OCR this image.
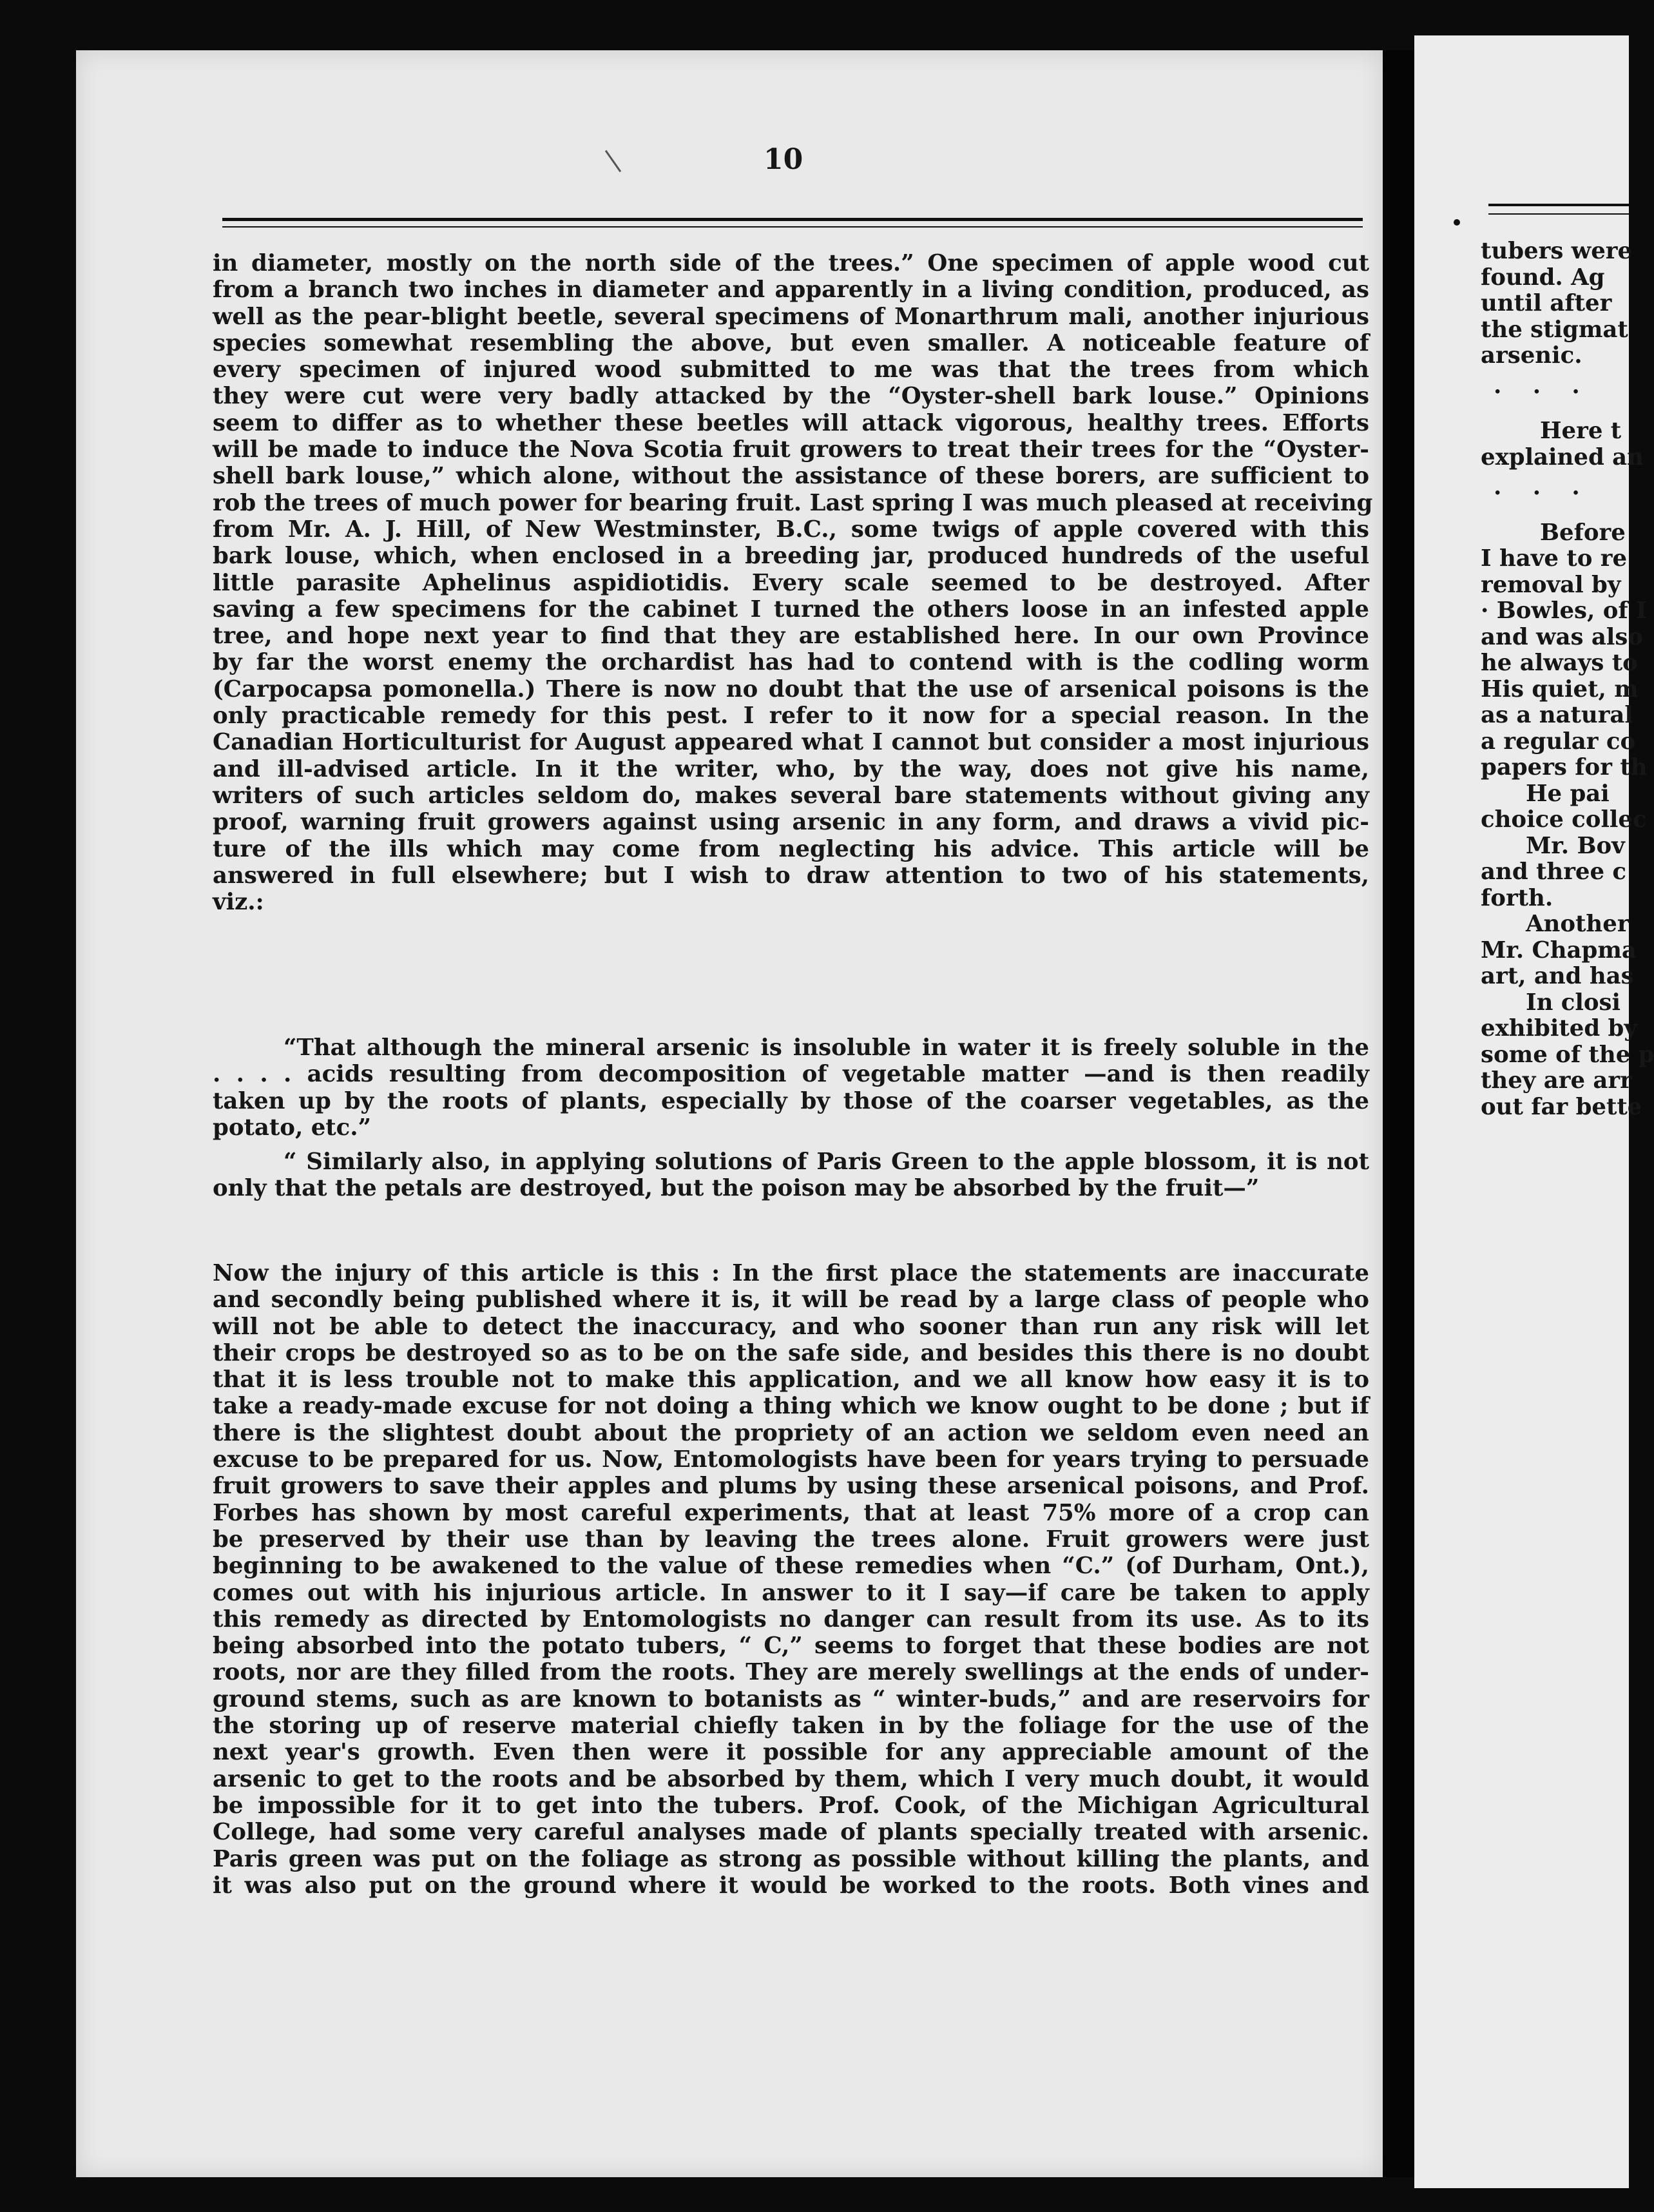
10
in diameter, mostly on the north side of the trees.” One specimen of apple wood cut
from a branch two inches in diameter and apparently in a living condition, produced, as
well as the pear-blight beetle, several specimens of Monarthrum mali, another injurious
species somewhat resembling the above, but even smaller. A noticeable feature of
every specimen of injured wood submitted to me was that the trees from which
they were cut were very badly attacked by the “Oyster-shell bark louse.” Opinions
seem to differ as to whether these beetles will attack vigorous, healthy trees. Efforts
will be made to induce the Nova Scotia fruit growers to treat their trees for the “Oyster-
shell bark louse,” which alone, without the assistance of these borers, are sufficient to
rob the trees of much power for bearing fruit. Last spring I was much pleased at receiving
from Mr. A. J. Hill, of New Westminster, B.C., some twigs of apple covered with this
bark louse, which, when enclosed in a breeding jar, produced hundreds of the useful
little parasite Aphelinus aspidiotidis. Every scale seemed to be destroyed. After
saving a few specimens for the cabinet I turned the others loose in an infested apple
tree, and hope next year to find that they are established here. In our own Province
by far the worst enemy the orchardist has had to contend with is the codling worm
(Carpocapsa pomonella.) There is now no doubt that the use of arsenical poisons is the
only practicable remedy for this pest. I refer to it now for a special reason. In the
Canadian Horticulturist for August appeared what I cannot but consider a most injurious
and ill-advised article. In it the writer, who, by the way, does not give his name,
writers of such articles seldom do, makes several bare statements without giving any
proof, warning fruit growers against using arsenic in any form, and draws a vivid pic-
ture of the ills which may come from neglecting his advice. This article will be
answered in full elsewhere; but I wish to draw attention to two of his statements,
viz.:
“That although the mineral arsenic is insoluble in water it is freely soluble in the
. . . . acids resulting from decomposition of vegetable matter —and is then readily
taken up by the roots of plants, especially by those of the coarser vegetables, as the
potato, etc.”
“ Similarly also, in applying solutions of Paris Green to the apple blossom, it is not
only that the petals are destroyed, but the poison may be absorbed by the fruit—”
Now the injury of this article is this : In the first place the statements are inaccurate
and secondly being published where it is, it will be read by a large class of people who
will not be able to detect the inaccuracy, and who sooner than run any risk will let
their crops be destroyed so as to be on the safe side, and besides this there is no doubt
that it is less trouble not to make this application, and we all know how easy it is to
take a ready-made excuse for not doing a thing which we know ought to be done ; but if
there is the slightest doubt about the propriety of an action we seldom even need an
excuse to be prepared for us. Now, Entomologists have been for years trying to persuade
fruit growers to save their apples and plums by using these arsenical poisons, and Prof.
Forbes has shown by most careful experiments, that at least 75% more of a crop can
be preserved by their use than by leaving the trees alone. Fruit growers were just
beginning to be awakened to the value of these remedies when “C.” (of Durham, Ont.),
comes out with his injurious article. In answer to it I say—if care be taken to apply
this remedy as directed by Entomologists no danger can result from its use. As to its
being absorbed into the potato tubers, “ C,” seems to forget that these bodies are not
roots, nor are they filled from the roots. They are merely swellings at the ends of under-
ground stems, such as are known to botanists as “ winter-buds,” and are reservoirs for
the storing up of reserve material chiefly taken in by the foliage for the use of the
next year's growth. Even then were it possible for any appreciable amount of the
arsenic to get to the roots and be absorbed by them, which I very much doubt, it would
be impossible for it to get into the tubers. Prof. Cook, of the Michigan Agricultural
College, had some very careful analyses made of plants specially treated with arsenic.
Paris green was put on the foliage as strong as possible without killing the plants, and
it was also put on the ground where it would be worked to the roots. Both vines and
tubers were
found. Ag
until after
the stigmat
arsenic.
. . .
Here t
explained an
. . .
Before
I have to re
removal by
· Bowles, of I
and was also
he always to
His quiet, m
as a natural
a regular co
papers for th
He pai
choice collec
Mr. Bov
and three c
forth.
Another
Mr. Chapma
art, and has
In closi
exhibited by
some of the p
they are arr
out far bette
